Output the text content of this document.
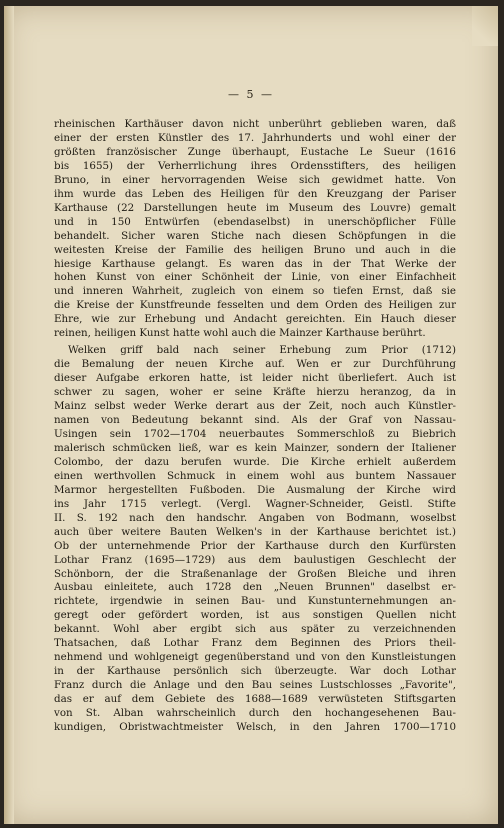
— 5 —
rheinischen Karthäuser davon nicht unberührt geblieben waren, daß
einer der ersten Künstler des 17. Jahrhunderts und wohl einer der
größten französischer Zunge überhaupt, Eustache Le Sueur (1616
bis 1655) der Verherrlichung ihres Ordensstifters, des heiligen
Bruno, in einer hervorragenden Weise sich gewidmet hatte. Von
ihm wurde das Leben des Heiligen für den Kreuzgang der Pariser
Karthause (22 Darstellungen heute im Museum des Louvre) gemalt
und in 150 Entwürfen (ebendaselbst) in unerschöpflicher Fülle
behandelt. Sicher waren Stiche nach diesen Schöpfungen in die
weitesten Kreise der Familie des heiligen Bruno und auch in die
hiesige Karthause gelangt. Es waren das in der That Werke der
hohen Kunst von einer Schönheit der Linie, von einer Einfachheit
und inneren Wahrheit, zugleich von einem so tiefen Ernst, daß sie
die Kreise der Kunstfreunde fesselten und dem Orden des Heiligen zur
Ehre, wie zur Erhebung und Andacht gereichten. Ein Hauch dieser
reinen, heiligen Kunst hatte wohl auch die Mainzer Karthause berührt.
Welken griff bald nach seiner Erhebung zum Prior (1712)
die Bemalung der neuen Kirche auf. Wen er zur Durchführung
dieser Aufgabe erkoren hatte, ist leider nicht überliefert. Auch ist
schwer zu sagen, woher er seine Kräfte hierzu heranzog, da in
Mainz selbst weder Werke derart aus der Zeit, noch auch Künstler-
namen von Bedeutung bekannt sind. Als der Graf von Nassau-
Usingen sein 1702—1704 neuerbautes Sommerschloß zu Biebrich
malerisch schmücken ließ, war es kein Mainzer, sondern der Italiener
Colombo, der dazu berufen wurde. Die Kirche erhielt außerdem
einen werthvollen Schmuck in einem wohl aus buntem Nassauer
Marmor hergestellten Fußboden. Die Ausmalung der Kirche wird
ins Jahr 1715 verlegt. (Vergl. Wagner-Schneider, Geistl. Stifte
II. S. 192 nach den handschr. Angaben von Bodmann, woselbst
auch über weitere Bauten Welken's in der Karthause berichtet ist.)
Ob der unternehmende Prior der Karthause durch den Kurfürsten
Lothar Franz (1695—1729) aus dem baulustigen Geschlecht der
Schönborn, der die Straßenanlage der Großen Bleiche und ihren
Ausbau einleitete, auch 1728 den „Neuen Brunnen" daselbst er-
richtete, irgendwie in seinen Bau- und Kunstunternehmungen an-
geregt oder gefördert worden, ist aus sonstigen Quellen nicht
bekannt. Wohl aber ergibt sich aus später zu verzeichnenden
Thatsachen, daß Lothar Franz dem Beginnen des Priors theil-
nehmend und wohlgeneigt gegenüberstand und von den Kunstleistungen
in der Karthause persönlich sich überzeugte. War doch Lothar
Franz durch die Anlage und den Bau seines Lustschlosses „Favorite",
das er auf dem Gebiete des 1688—1689 verwüsteten Stiftsgarten
von St. Alban wahrscheinlich durch den hochangesehenen Bau-
kundigen, Obristwachtmeister Welsch, in den Jahren 1700—1710
